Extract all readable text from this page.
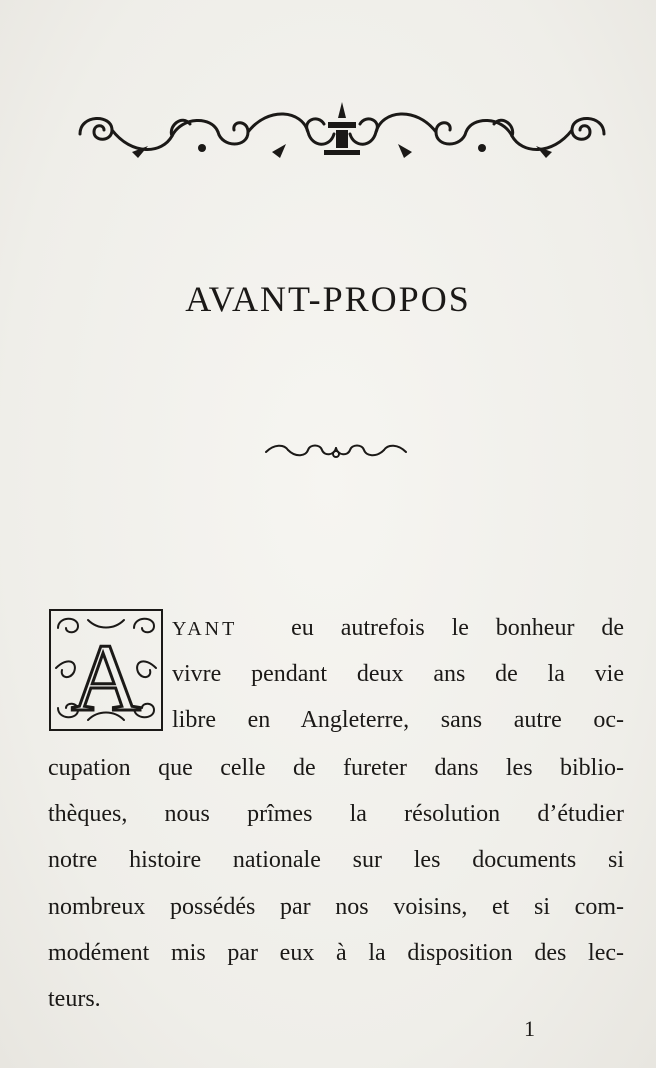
AVANT-PROPOS
A YANT eu autrefois le bonheur de
vivre pendant deux ans de la vie
libre en Angleterre, sans autre oc-
cupation que celle de fureter dans les biblio-
thèques, nous prîmes la résolution d’étudier
notre histoire nationale sur les documents si
nombreux possédés par nos voisins, et si com-
modément mis par eux à la disposition des lec-
teurs.
1
